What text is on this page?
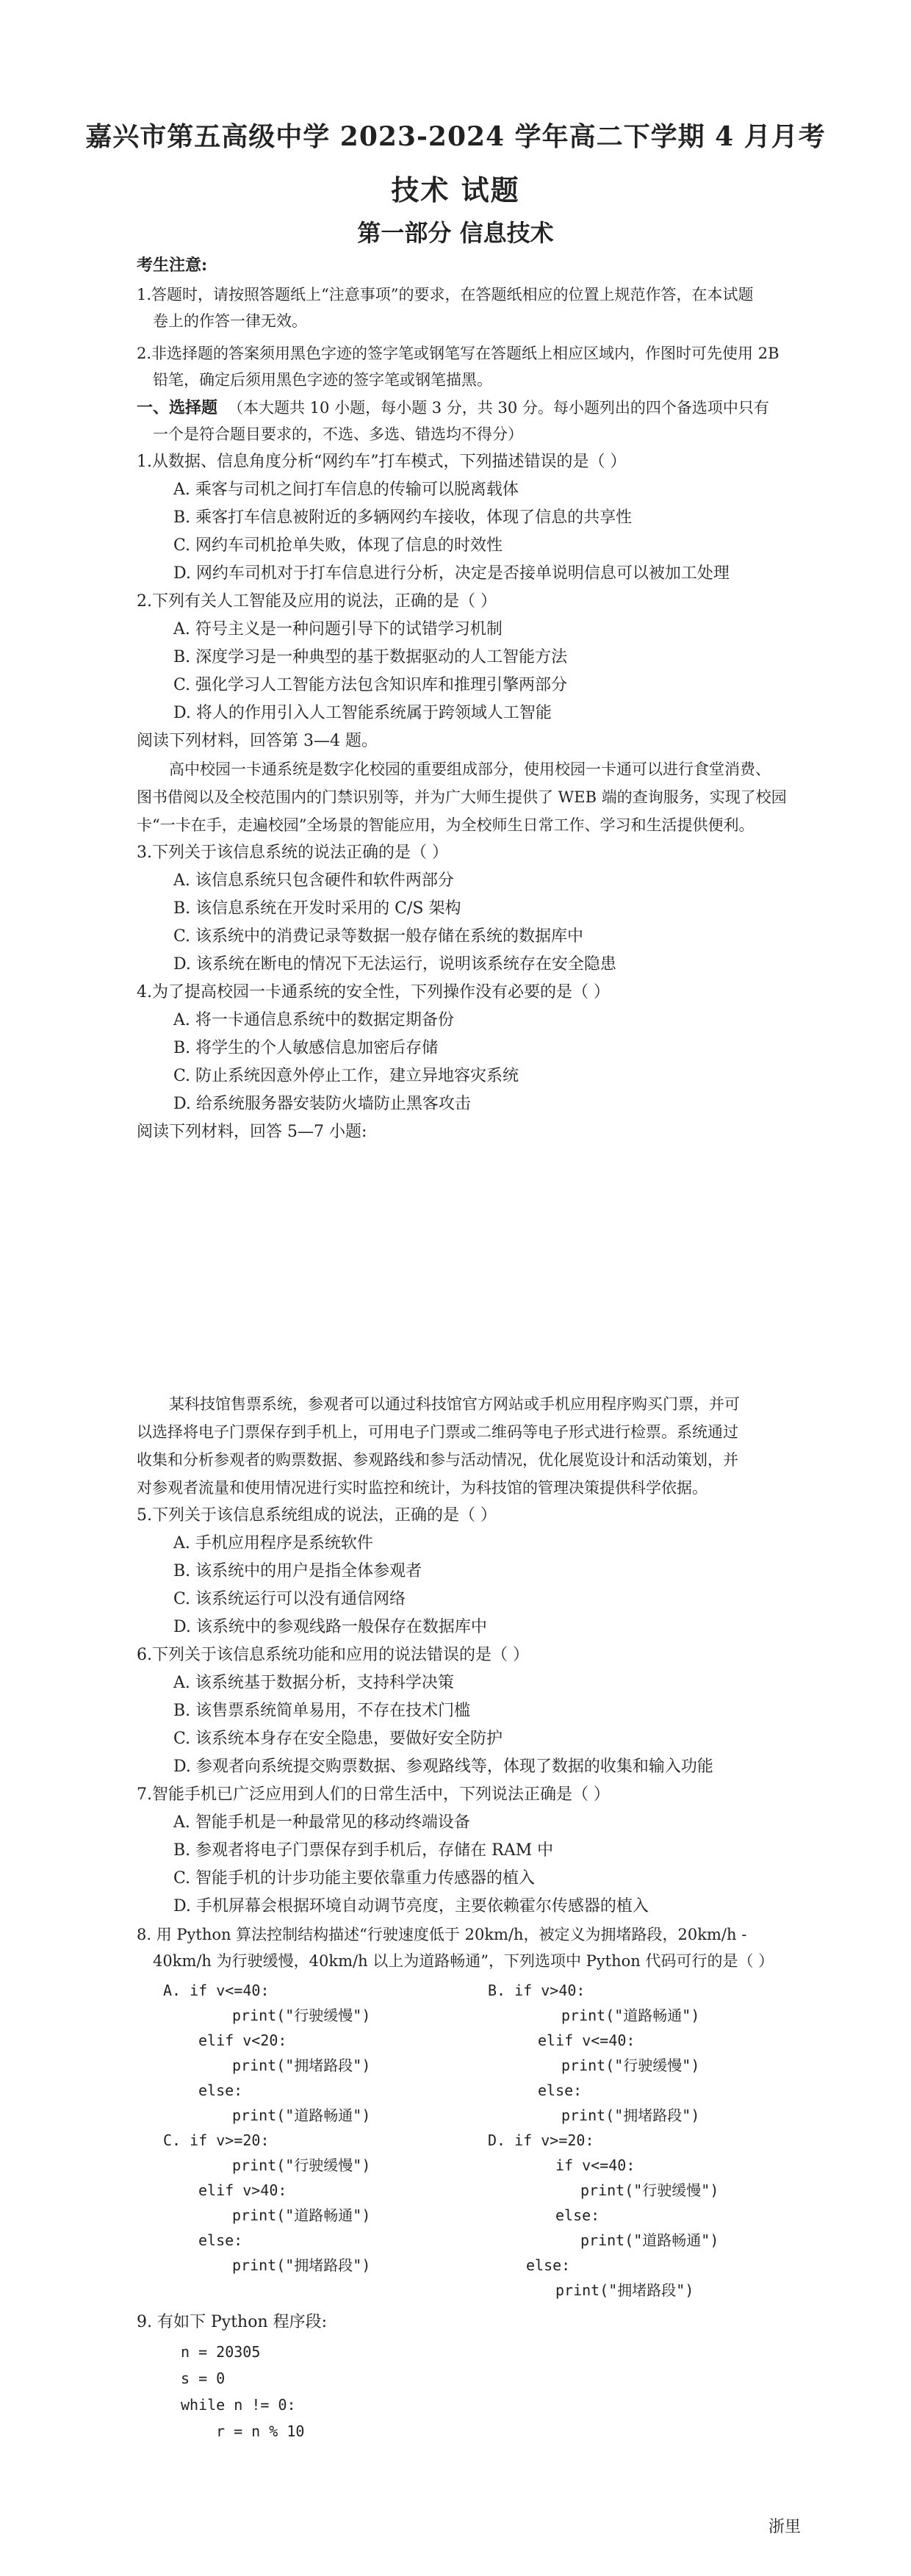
嘉兴市第五高级中学 2023-2024 学年高二下学期 4 月月考
技术 试题
第一部分 信息技术
考生注意:
1.答题时，请按照答题纸上“注意事项”的要求，在答题纸相应的位置上规范作答，在本试题
卷上的作答一律无效。
2.非选择题的答案须用黑色字迹的签字笔或钢笔写在答题纸上相应区域内，作图时可先使用 2B
铅笔，确定后须用黑色字迹的签字笔或钢笔描黑。
一、选择题 （本大题共 10 小题，每小题 3 分，共 30 分。每小题列出的四个备选项中只有
一个是符合题目要求的，不选、多选、错选均不得分）
1.从数据、信息角度分析“网约车”打车模式，下列描述错误的是（ ）
A. 乘客与司机之间打车信息的传输可以脱离载体
B. 乘客打车信息被附近的多辆网约车接收，体现了信息的共享性
C. 网约车司机抢单失败，体现了信息的时效性
D. 网约车司机对于打车信息进行分析，决定是否接单说明信息可以被加工处理
2.下列有关人工智能及应用的说法，正确的是（ ）
A. 符号主义是一种问题引导下的试错学习机制
B. 深度学习是一种典型的基于数据驱动的人工智能方法
C. 强化学习人工智能方法包含知识库和推理引擎两部分
D. 将人的作用引入人工智能系统属于跨领域人工智能
阅读下列材料，回答第 3—4 题。
高中校园一卡通系统是数字化校园的重要组成部分，使用校园一卡通可以进行食堂消费、
图书借阅以及全校范围内的门禁识别等，并为广大师生提供了 WEB 端的查询服务，实现了校园
卡“一卡在手，走遍校园”全场景的智能应用，为全校师生日常工作、学习和生活提供便利。
3.下列关于该信息系统的说法正确的是（ ）
A. 该信息系统只包含硬件和软件两部分
B. 该信息系统在开发时采用的 C/S 架构
C. 该系统中的消费记录等数据一般存储在系统的数据库中
D. 该系统在断电的情况下无法运行，说明该系统存在安全隐患
4.为了提高校园一卡通系统的安全性，下列操作没有必要的是（ ）
A. 将一卡通信息系统中的数据定期备份
B. 将学生的个人敏感信息加密后存储
C. 防止系统因意外停止工作，建立异地容灾系统
D. 给系统服务器安装防火墙防止黑客攻击
阅读下列材料，回答 5—7 小题:
某科技馆售票系统，参观者可以通过科技馆官方网站或手机应用程序购买门票，并可
以选择将电子门票保存到手机上，可用电子门票或二维码等电子形式进行检票。系统通过
收集和分析参观者的购票数据、参观路线和参与活动情况，优化展览设计和活动策划，并
对参观者流量和使用情况进行实时监控和统计，为科技馆的管理决策提供科学依据。
5.下列关于该信息系统组成的说法，正确的是（ ）
A. 手机应用程序是系统软件
B. 该系统中的用户是指全体参观者
C. 该系统运行可以没有通信网络
D. 该系统中的参观线路一般保存在数据库中
6.下列关于该信息系统功能和应用的说法错误的是（ ）
A. 该系统基于数据分析，支持科学决策
B. 该售票系统简单易用，不存在技术门槛
C. 该系统本身存在安全隐患，要做好安全防护
D. 参观者向系统提交购票数据、参观路线等，体现了数据的收集和输入功能
7.智能手机已广泛应用到人们的日常生活中，下列说法正确是（ ）
A. 智能手机是一种最常见的移动终端设备
B. 参观者将电子门票保存到手机后，存储在 RAM 中
C. 智能手机的计步功能主要依靠重力传感器的植入
D. 手机屏幕会根据环境自动调节亮度，主要依赖霍尔传感器的植入
8. 用 Python 算法控制结构描述“行驶速度低于 20km/h，被定义为拥堵路段，20km/h -
40km/h 为行驶缓慢，40km/h 以上为道路畅通”，下列选项中 Python 代码可行的是（ ）
A. if v<=40:
print("行驶缓慢")
elif v<20:
print("拥堵路段")
else:
print("道路畅通")
B. if v>40:
print("道路畅通")
elif v<=40:
print("行驶缓慢")
else:
print("拥堵路段")
C. if v>=20:
print("行驶缓慢")
elif v>40:
print("道路畅通")
else:
print("拥堵路段")
D. if v>=20:
if v<=40:
print("行驶缓慢")
else:
print("道路畅通")
else:
print("拥堵路段")
9. 有如下 Python 程序段:
n = 20305
s = 0
while n != 0:
r = n % 10
浙里
